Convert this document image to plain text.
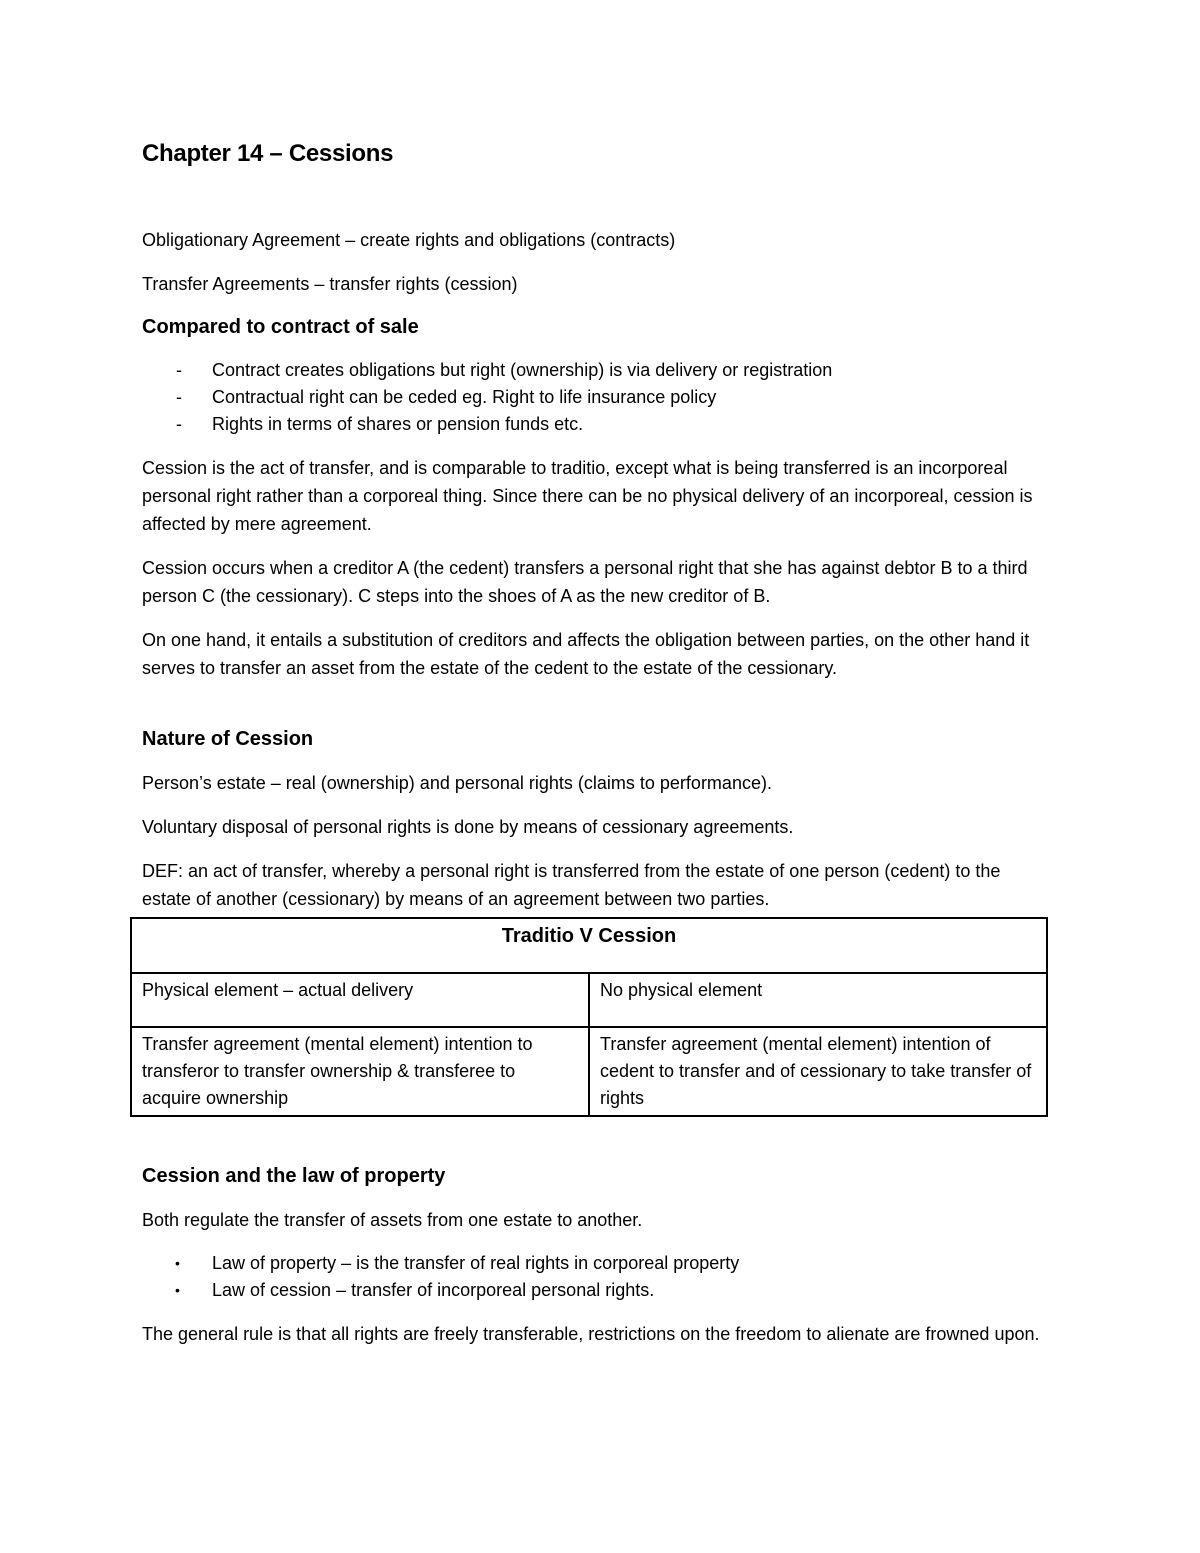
Chapter 14 – Cessions

Obligationary Agreement – create rights and obligations (contracts)

Transfer Agreements – transfer rights (cession)

Compared to contract of sale
- Contract creates obligations but right (ownership) is via delivery or registration
- Contractual right can be ceded eg. Right to life insurance policy
- Rights in terms of shares or pension funds etc.

Cession is the act of transfer, and is comparable to traditio, except what is being transferred is an incorporeal personal right rather than a corporeal thing. Since there can be no physical delivery of an incorporeal, cession is affected by mere agreement.

Cession occurs when a creditor A (the cedent) transfers a personal right that she has against debtor B to a third person C (the cessionary). C steps into the shoes of A as the new creditor of B.

On one hand, it entails a substitution of creditors and affects the obligation between parties, on the other hand it serves to transfer an asset from the estate of the cedent to the estate of the cessionary.

Nature of Cession

Person’s estate – real (ownership) and personal rights (claims to performance).

Voluntary disposal of personal rights is done by means of cessionary agreements.

DEF: an act of transfer, whereby a personal right is transferred from the estate of one person (cedent) to the estate of another (cessionary) by means of an agreement between two parties.

Traditio V Cession	
Physical element – actual delivery	No physical element
Transfer agreement (mental element) intention to transferor to transfer ownership & transferee to acquire ownership	Transfer agreement (mental element) intention of cedent to transfer and of cessionary to take transfer of rights
Cession and the law of property

Both regulate the transfer of assets from one estate to another.

• Law of property – is the transfer of real rights in corporeal property
• Law of cession – transfer of incorporeal personal rights.

The general rule is that all rights are freely transferable, restrictions on the freedom to alienate are frowned upon.
